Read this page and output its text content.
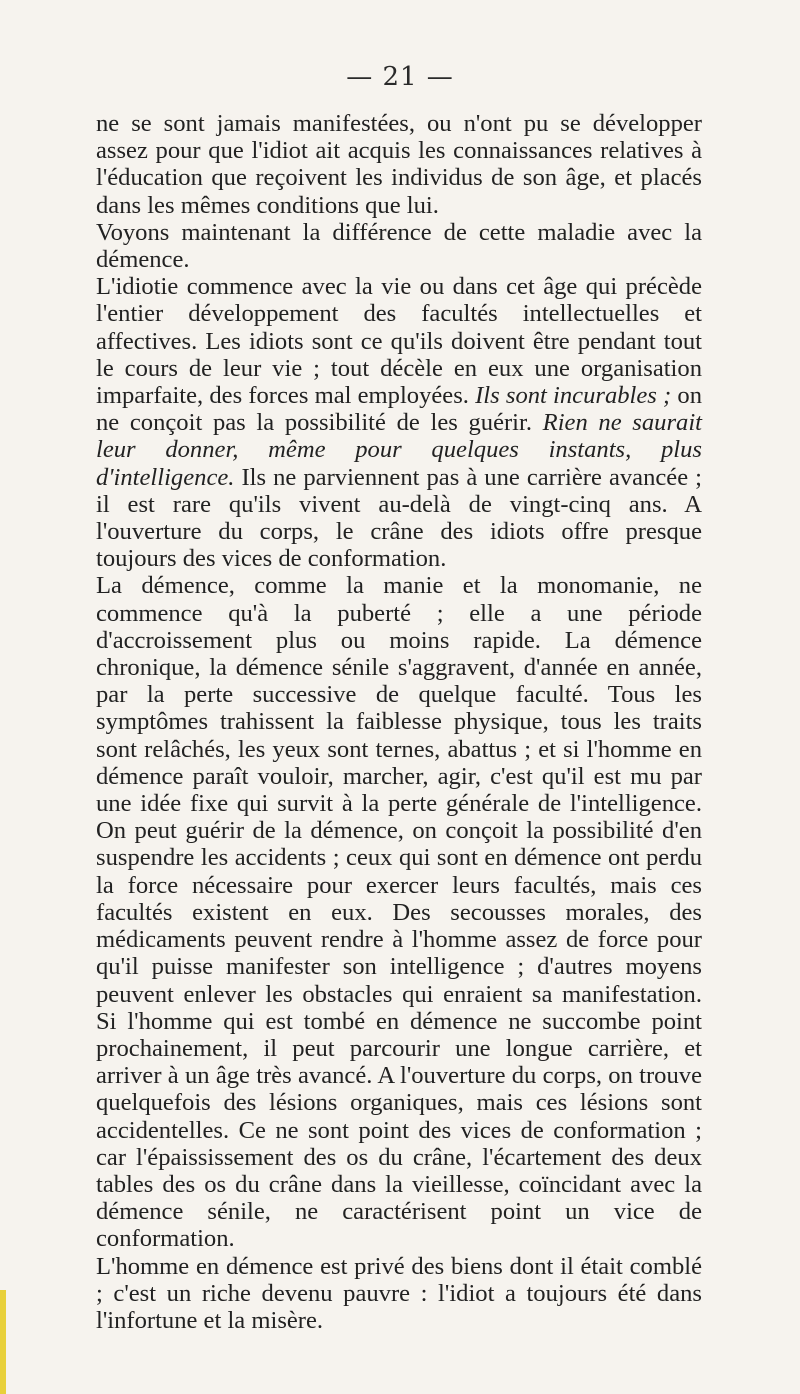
— 21 —

ne se sont jamais manifestées, ou n'ont pu se développer assez pour que l'idiot ait acquis les connaissances relatives à l'éducation que reçoivent les individus de son âge, et placés dans les mêmes conditions que lui.

Voyons maintenant la différence de cette maladie avec la démence.

L'idiotie commence avec la vie ou dans cet âge qui précède l'entier développement des facultés intellectuelles et affectives. Les idiots sont ce qu'ils doivent être pendant tout le cours de leur vie ; tout décèle en eux une organisation imparfaite, des forces mal employées. Ils sont incurables ; on ne conçoit pas la possibilité de les guérir. Rien ne saurait leur donner, même pour quelques instants, plus d'intelligence. Ils ne parviennent pas à une carrière avancée ; il est rare qu'ils vivent au-delà de vingt-cinq ans. A l'ouverture du corps, le crâne des idiots offre presque toujours des vices de conformation.

La démence, comme la manie et la monomanie, ne commence qu'à la puberté ; elle a une période d'accroissement plus ou moins rapide. La démence chronique, la démence sénile s'aggravent, d'année en année, par la perte successive de quelque faculté. Tous les symptômes trahissent la faiblesse physique, tous les traits sont relâchés, les yeux sont ternes, abattus ; et si l'homme en démence paraît vouloir, marcher, agir, c'est qu'il est mu par une idée fixe qui survit à la perte générale de l'intelligence. On peut guérir de la démence, on conçoit la possibilité d'en suspendre les accidents ; ceux qui sont en démence ont perdu la force nécessaire pour exercer leurs facultés, mais ces facultés existent en eux. Des secousses morales, des médicaments peuvent rendre à l'homme assez de force pour qu'il puisse manifester son intelligence ; d'autres moyens peuvent enlever les obstacles qui enraient sa manifestation. Si l'homme qui est tombé en démence ne succombe point prochainement, il peut parcourir une longue carrière, et arriver à un âge très avancé. A l'ouverture du corps, on trouve quelquefois des lésions organiques, mais ces lésions sont accidentelles. Ce ne sont point des vices de conformation ; car l'épaississement des os du crâne, l'écartement des deux tables des os du crâne dans la vieillesse, coïncidant avec la démence sénile, ne caractérisent point un vice de conformation.

L'homme en démence est privé des biens dont il était comblé ; c'est un riche devenu pauvre : l'idiot a toujours été dans l'infortune et la misère.
